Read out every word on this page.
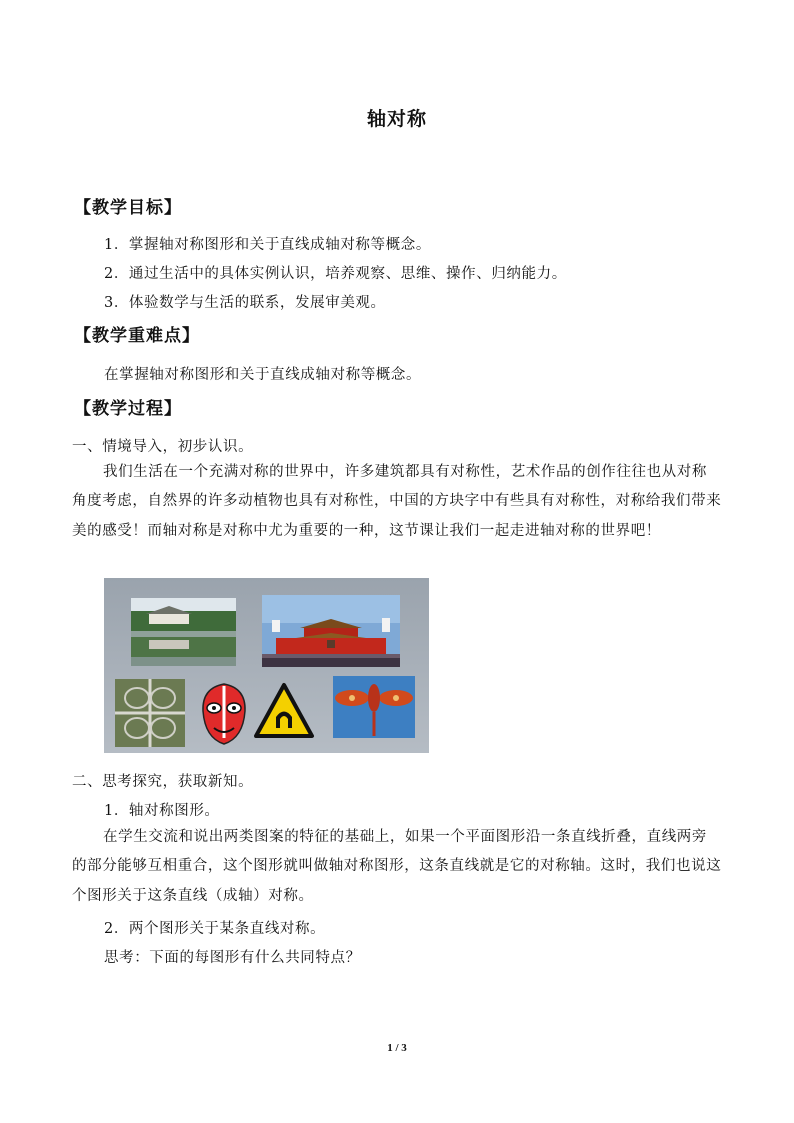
轴对称
【教学目标】
1．掌握轴对称图形和关于直线成轴对称等概念。
2．通过生活中的具体实例认识，培养观察、思维、操作、归纳能力。
3．体验数学与生活的联系，发展审美观。
【教学重难点】
在掌握轴对称图形和关于直线成轴对称等概念。
【教学过程】
一、情境导入，初步认识。
我们生活在一个充满对称的世界中，许多建筑都具有对称性，艺术作品的创作往往也从对称角度考虑，自然界的许多动植物也具有对称性，中国的方块字中有些具有对称性，对称给我们带来美的感受！而轴对称是对称中尤为重要的一种，这节课让我们一起走进轴对称的世界吧！
二、思考探究，获取新知。
1．轴对称图形。
在学生交流和说出两类图案的特征的基础上，如果一个平面图形沿一条直线折叠，直线两旁的部分能够互相重合，这个图形就叫做轴对称图形，这条直线就是它的对称轴。这时，我们也说这个图形关于这条直线（成轴）对称。
2．两个图形关于某条直线对称。
思考：下面的每图形有什么共同特点？
1 / 3
